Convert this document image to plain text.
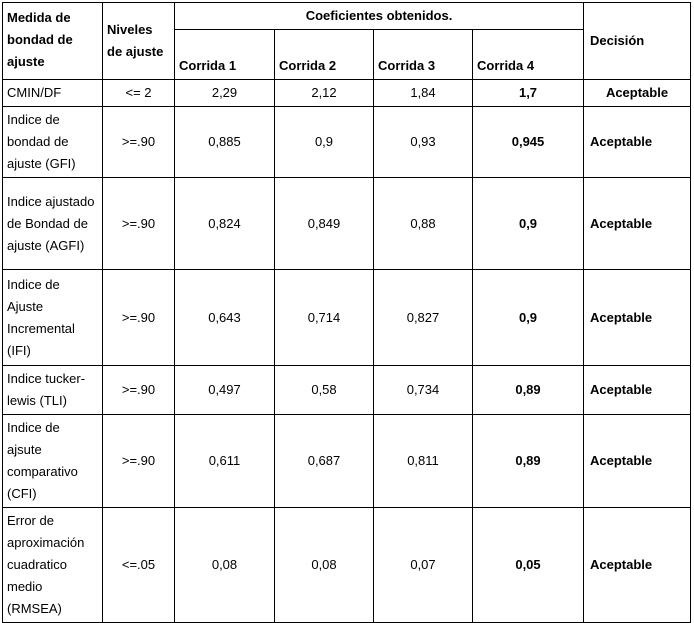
Medida de bondad de ajuste	Niveles de ajuste	Coeficientes obtenidos.				Decisión
		Corrida 1	Corrida 2	Corrida 3	Corrida 4	
CMIN/DF	<= 2	2,29	2,12	1,84	1,7	Aceptable
Indice de bondad de ajuste (GFI)	>=.90	0,885	0,9	0,93	0,945	Aceptable
Indice ajustado de Bondad de ajuste (AGFI)	>=.90	0,824	0,849	0,88	0,9	Aceptable
Indice de Ajuste Incremental (IFI)	>=.90	0,643	0,714	0,827	0,9	Aceptable
Indice tucker-lewis (TLI)	>=.90	0,497	0,58	0,734	0,89	Aceptable
Indice de ajsute comparativo (CFI)	>=.90	0,611	0,687	0,811	0,89	Aceptable
Error de aproximación cuadratico medio (RMSEA)	<=.05	0,08	0,08	0,07	0,05	Aceptable
